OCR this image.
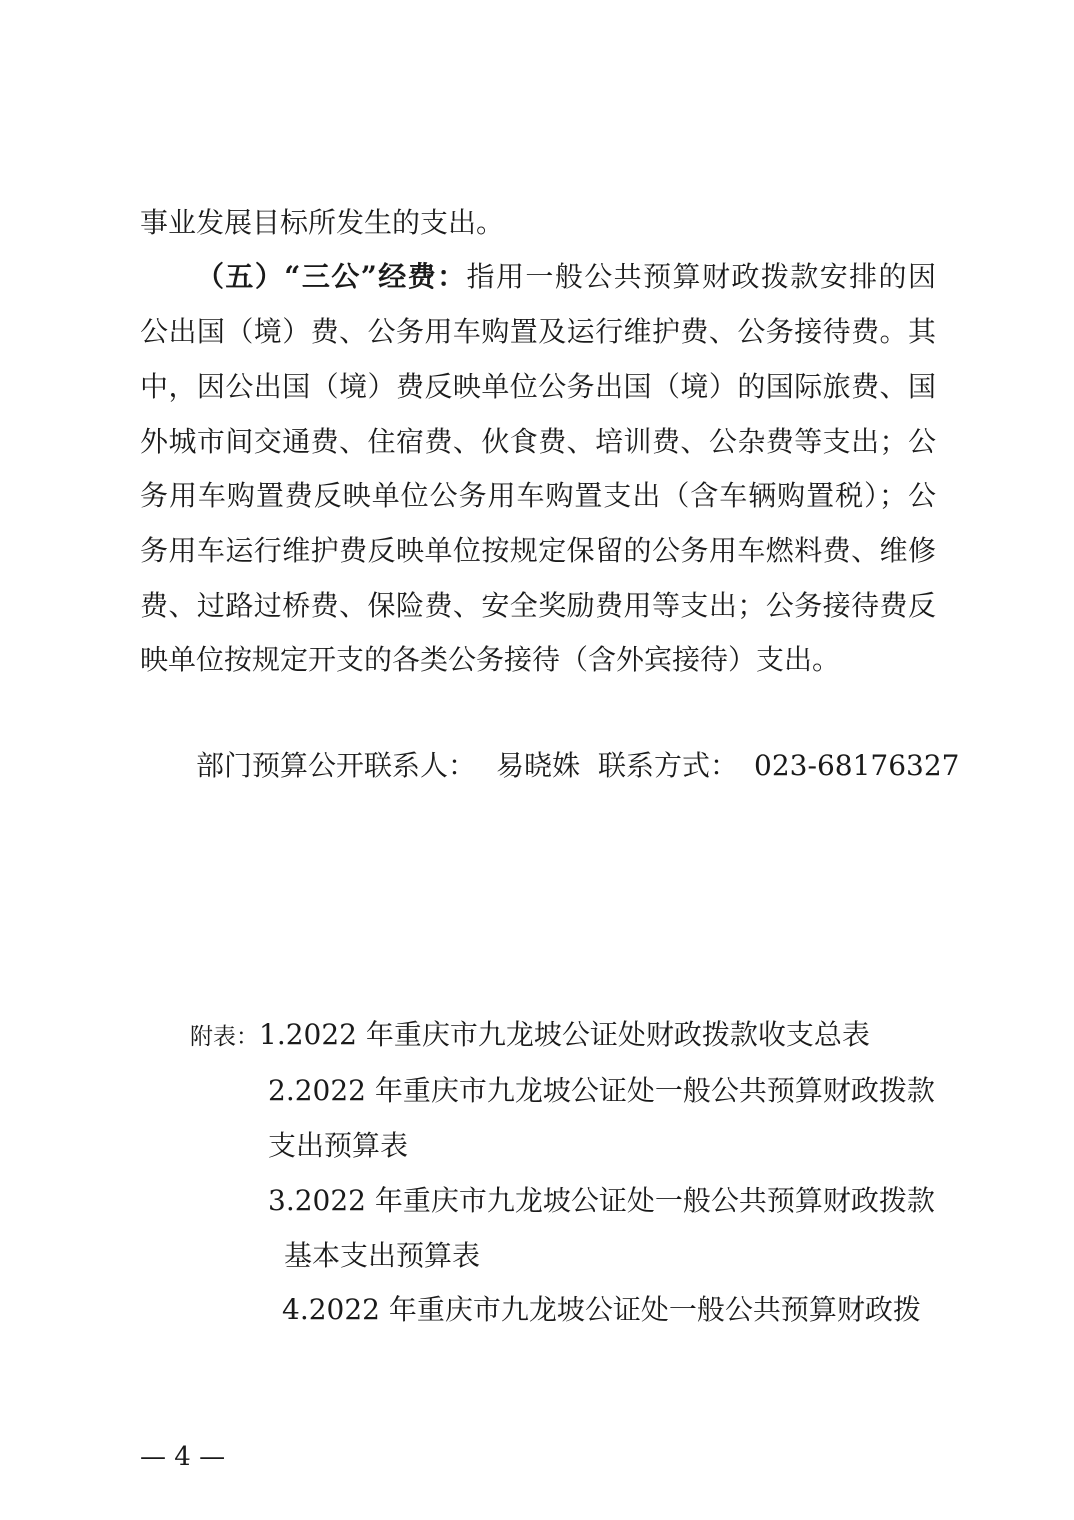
事业发展目标所发生的支出。
（五）“三公”经费：指用一般公共预算财政拨款安排的因
公出国（境）费、公务用车购置及运行维护费、公务接待费。其
中，因公出国（境）费反映单位公务出国（境）的国际旅费、国
外城市间交通费、住宿费、伙食费、培训费、公杂费等支出；公
务用车购置费反映单位公务用车购置支出（含车辆购置税）；公
务用车运行维护费反映单位按规定保留的公务用车燃料费、维修
费、过路过桥费、保险费、安全奖励费用等支出；公务接待费反
映单位按规定开支的各类公务接待（含外宾接待）支出。
部门预算公开联系人： 易晓姝 联系方式： 023-68176327
附表：1.2022 年重庆市九龙坡公证处财政拨款收支总表
2.2022 年重庆市九龙坡公证处一般公共预算财政拨款
支出预算表
3.2022 年重庆市九龙坡公证处一般公共预算财政拨款
基本支出预算表
4.2022 年重庆市九龙坡公证处一般公共预算财政拨
— 4 —
